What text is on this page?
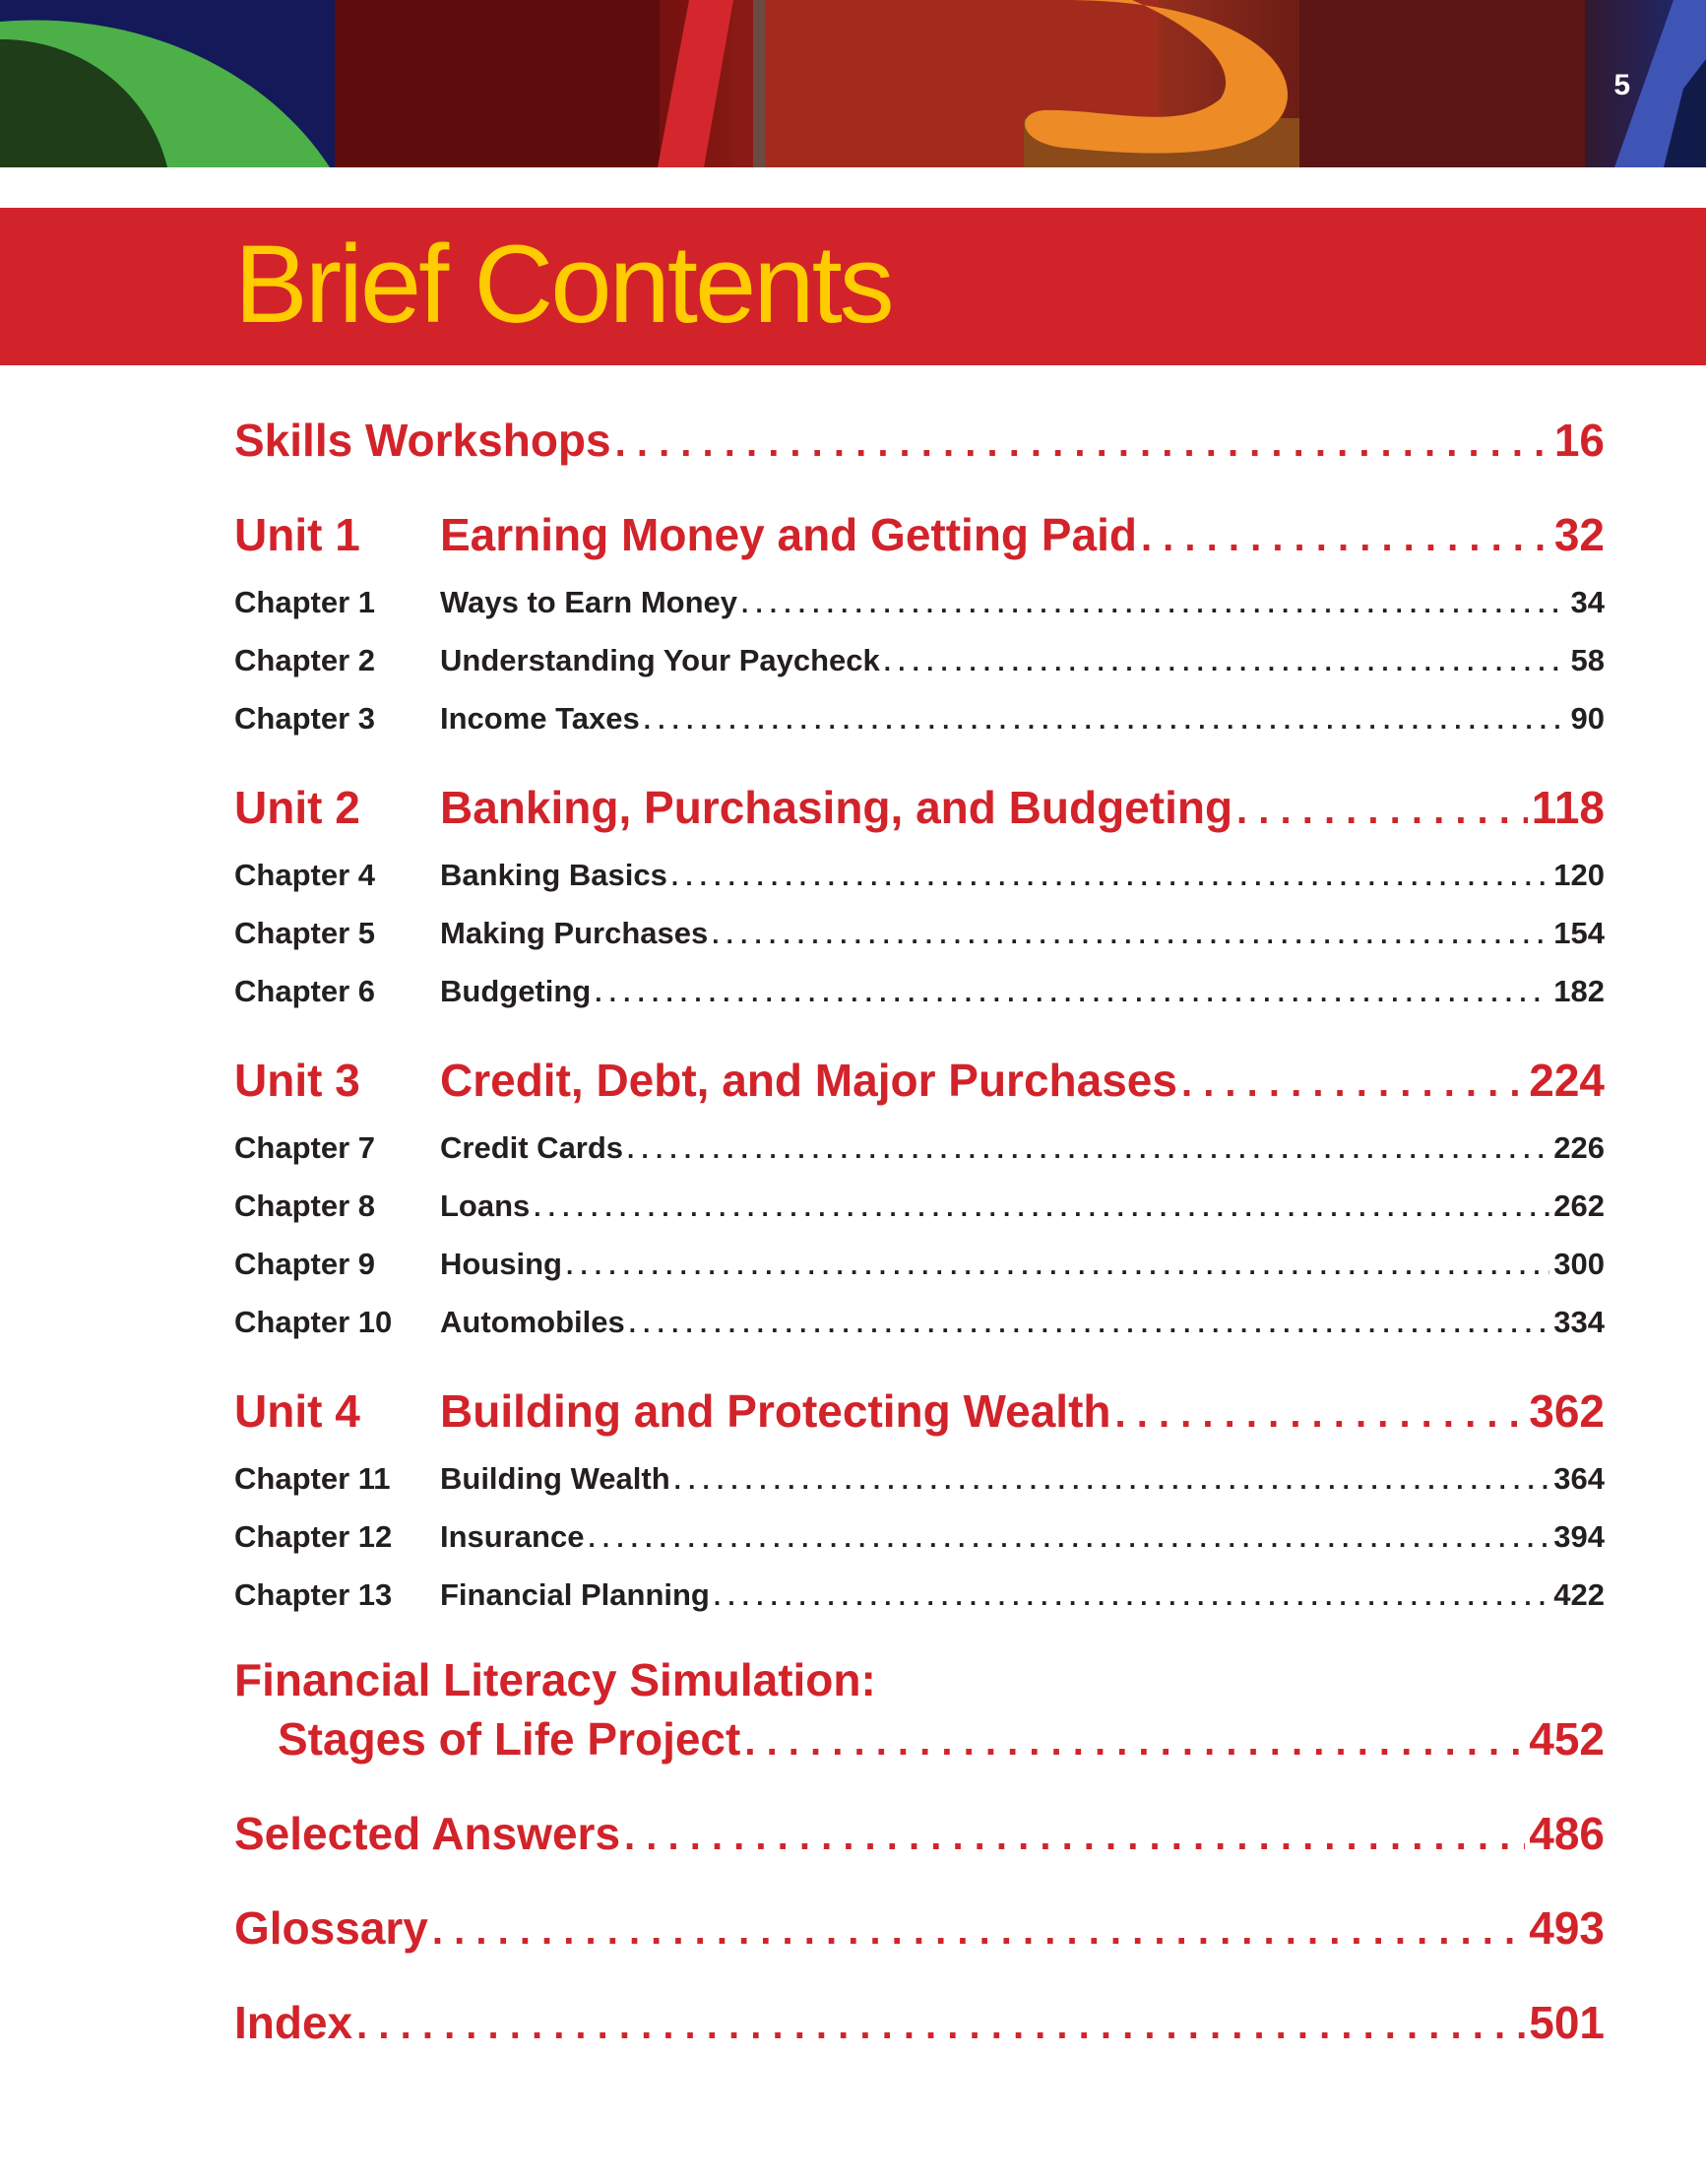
5
Brief Contents
Skills Workshops . . .	16
Unit 1	Earning Money and Getting Paid . . .	32
Chapter 1	Ways to Earn Money . . .	34
Chapter 2	Understanding Your Paycheck . . .	58
Chapter 3	Income Taxes . . .	90
Unit 2	Banking, Purchasing, and Budgeting . . .	118
Chapter 4	Banking Basics . . .	120
Chapter 5	Making Purchases . . .	154
Chapter 6	Budgeting . . .	182
Unit 3	Credit, Debt, and Major Purchases . . .	224
Chapter 7	Credit Cards . . .	226
Chapter 8	Loans . . .	262
Chapter 9	Housing . . .	300
Chapter 10	Automobiles . . .	334
Unit 4	Building and Protecting Wealth . . .	362
Chapter 11	Building Wealth . . .	364
Chapter 12	Insurance . . .	394
Chapter 13	Financial Planning . . .	422
Financial Literacy Simulation:
Stages of Life Project . . .	452
Selected Answers . . .	486
Glossary . . .	493
Index . . .	501
